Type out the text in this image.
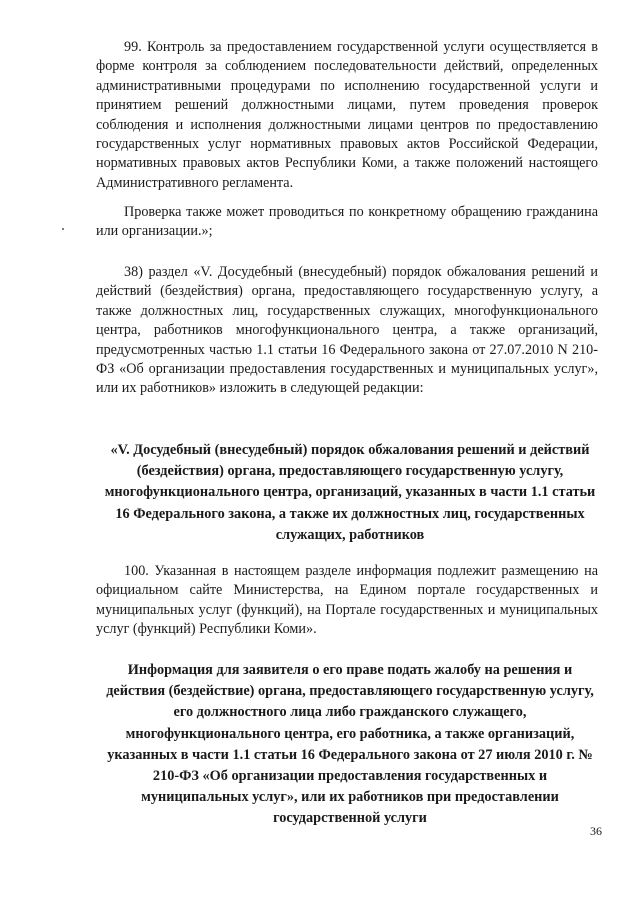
99. Контроль за предоставлением государственной услуги осуществляется в форме контроля за соблюдением последовательности действий, определенных административными процедурами по исполнению государственной услуги и принятием решений должностными лицами, путем проведения проверок соблюдения и исполнения должностными лицами центров по предоставлению государственных услуг нормативных правовых актов Российской Федерации, нормативных правовых актов Республики Коми, а также положений настоящего Административного регламента.

Проверка также может проводиться по конкретному обращению гражданина или организации.»;

38) раздел «V. Досудебный (внесудебный) порядок обжалования решений и действий (бездействия) органа, предоставляющего государственную услугу, а также должностных лиц, государственных служащих, многофункционального центра, работников многофункционального центра, а также организаций, предусмотренных частью 1.1 статьи 16 Федерального закона от 27.07.2010 N 210-ФЗ «Об организации предоставления государственных и муниципальных услуг», или их работников» изложить в следующей редакции:

«V. Досудебный (внесудебный) порядок обжалования решений и действий (бездействия) органа, предоставляющего государственную услугу, многофункционального центра, организаций, указанных в части 1.1 статьи 16 Федерального закона, а также их должностных лиц, государственных служащих, работников

100. Указанная в настоящем разделе информация подлежит размещению на официальном сайте Министерства, на Едином портале государственных и муниципальных услуг (функций), на Портале государственных и муниципальных услуг (функций) Республики Коми».

Информация для заявителя о его праве подать жалобу на решения и действия (бездействие) органа, предоставляющего государственную услугу, его должностного лица либо гражданского служащего, многофункционального центра, его работника, а также организаций, указанных в части 1.1 статьи 16 Федерального закона от 27 июля 2010 г. № 210-ФЗ «Об организации предоставления государственных и муниципальных услуг», или их работников при предоставлении государственной услуги

36
